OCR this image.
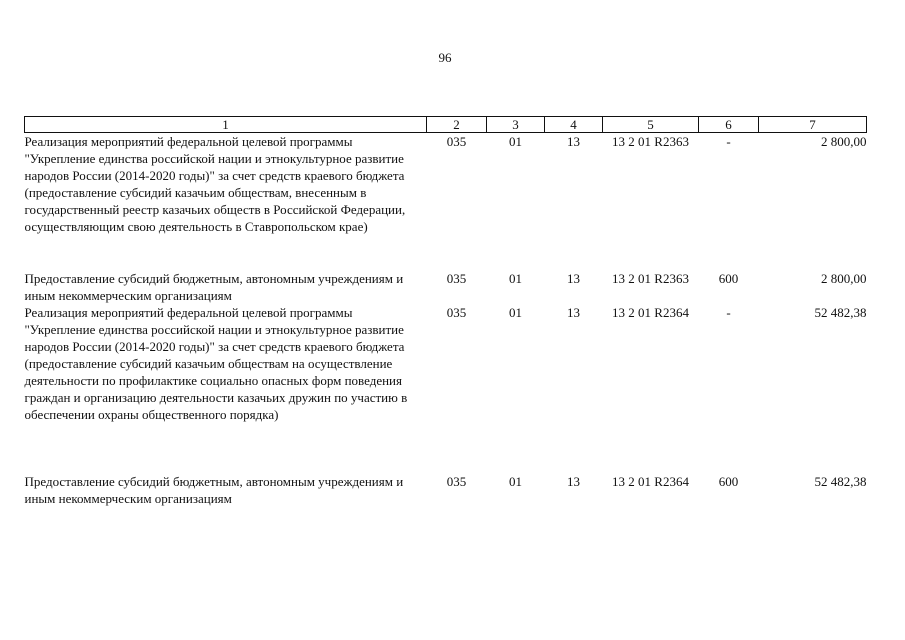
96
1	2	3	4	5	6	7
Реализация мероприятий федеральной целевой программы "Укрепление единства российской нации и этнокультурное развитие народов России (2014-2020 годы)" за счет средств краевого бюджета (предоставление субсидий казачьим обществам, внесенным в государственный реестр казачьих обществ в Российской Федерации, осуществляющим свою деятельность в Ставропольском крае)	035	01	13	13 2 01 R2363	-	2 800,00

Предоставление субсидий бюджетным, автономным учреждениям и иным некоммерческим организациям	035	01	13	13 2 01 R2363	600	2 800,00
Реализация мероприятий федеральной целевой программы "Укрепление единства российской нации и этнокультурное развитие народов России (2014-2020 годы)" за счет средств краевого бюджета (предоставление субсидий казачьим обществам на осуществление деятельности по профилактике социально опасных форм поведения граждан и организацию деятельности казачьих дружин по участию в обеспечении охраны общественного порядка)	035	01	13	13 2 01 R2364	-	52 482,38

Предоставление субсидий бюджетным, автономным учреждениям и иным некоммерческим организациям	035	01	13	13 2 01 R2364	600	52 482,38
